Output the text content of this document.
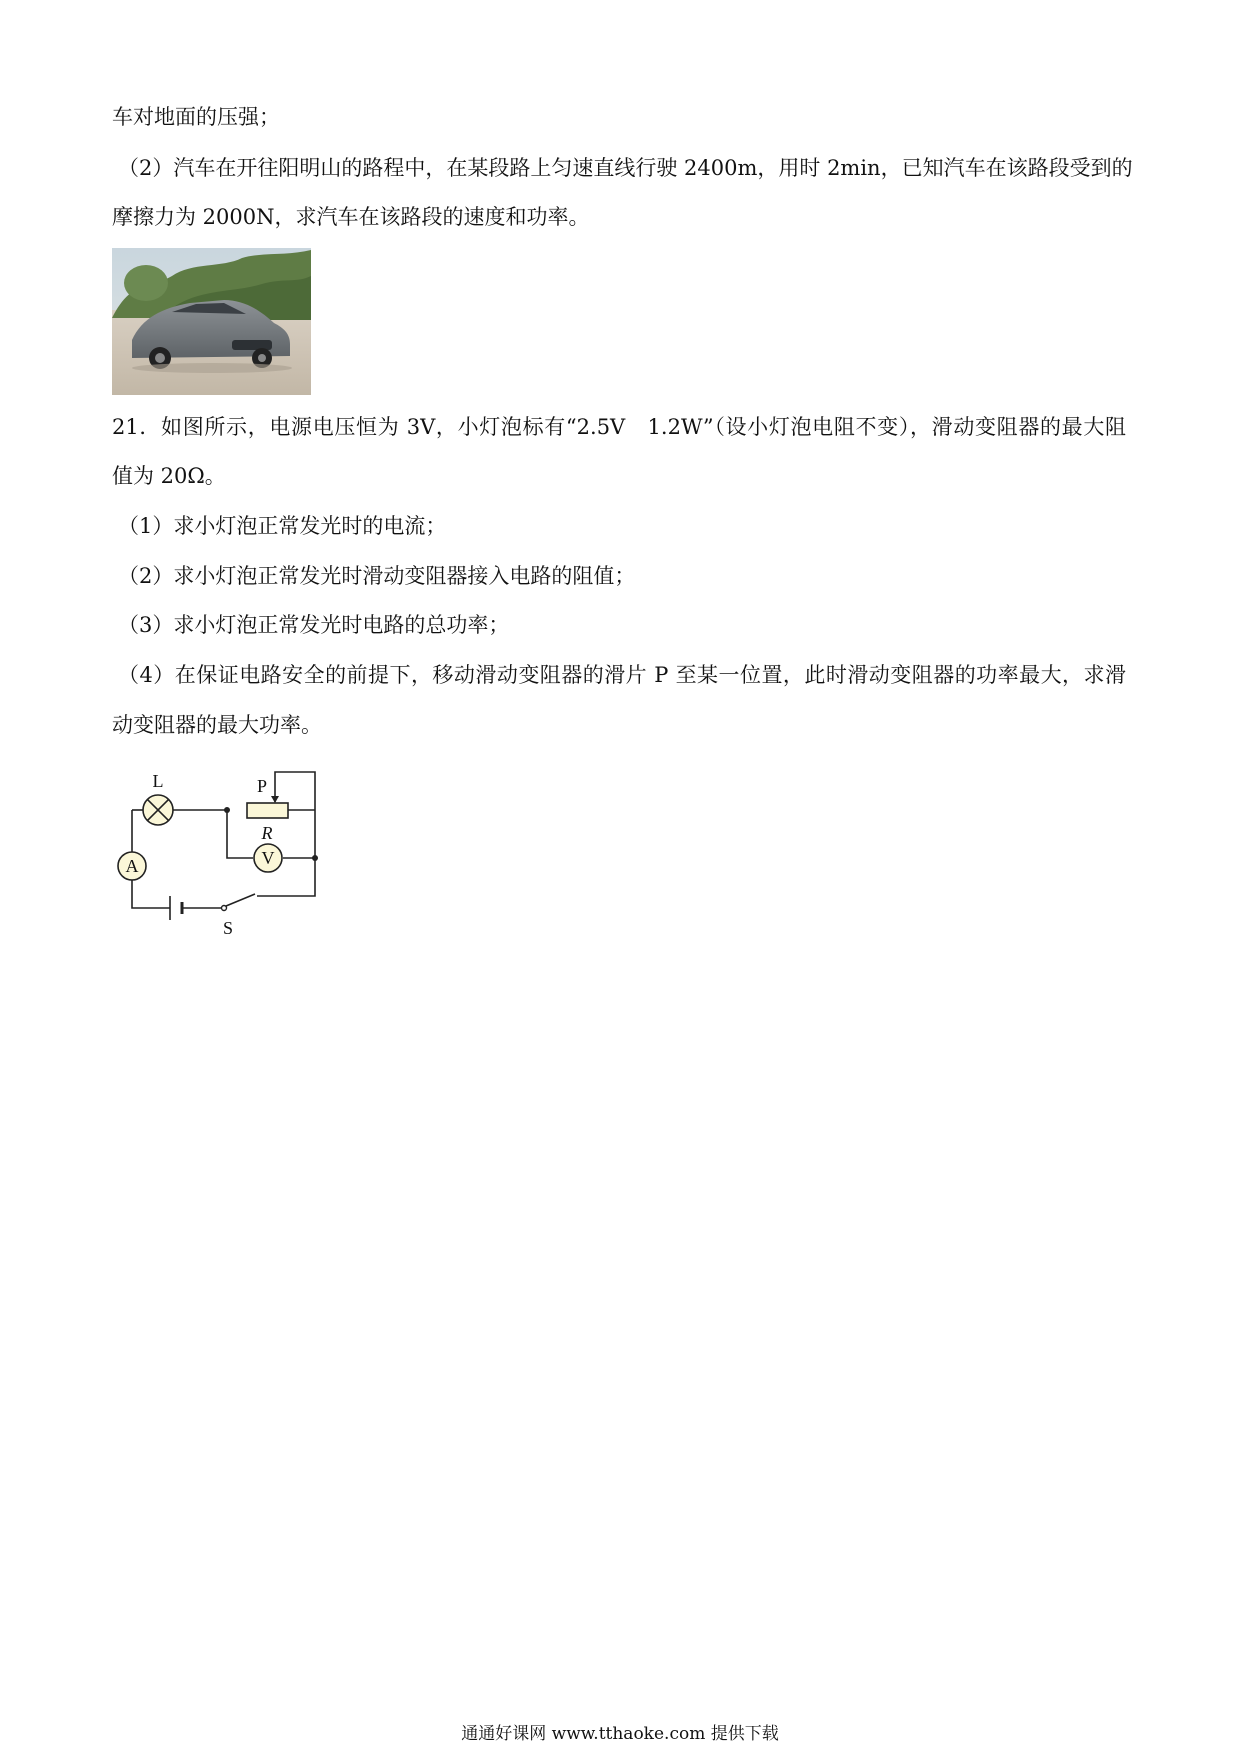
车对地面的压强；
（2）汽车在开往阳明山的路程中，在某段路上匀速直线行驶 2400m，用时 2min，已知汽车在该路段受到的
摩擦力为 2000N，求汽车在该路段的速度和功率。
21．如图所示，电源电压恒为 3V，小灯泡标有“2.5V　1.2W”（设小灯泡电阻不变），滑动变阻器的最大阻
值为 20Ω。
（1）求小灯泡正常发光时的电流；
（2）求小灯泡正常发光时滑动变阻器接入电路的阻值；
（3）求小灯泡正常发光时电路的总功率；
（4）在保证电路安全的前提下，移动滑动变阻器的滑片 P 至某一位置，此时滑动变阻器的功率最大，求滑
动变阻器的最大功率。
L	P
R
A	V
S
通通好课网 www.tthaoke.com 提供下载
